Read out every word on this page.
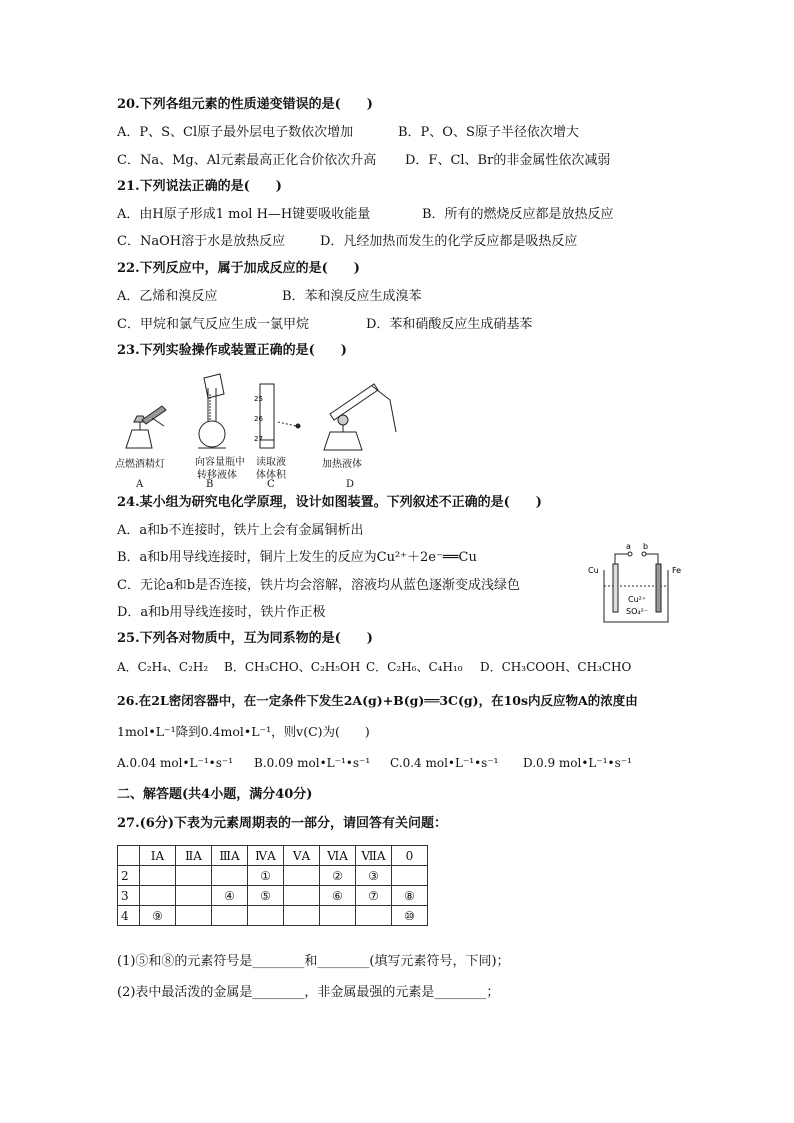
20.下列各组元素的性质递变错误的是(　　)
A．P、S、Cl原子最外层电子数依次增加	B．P、O、S原子半径依次增大
C．Na、Mg、Al元素最高正化合价依次升高 D．F、Cl、Br的非金属性依次减弱
21.下列说法正确的是(　　)
A．由H原子形成1 mol H—H键要吸收能量	B．所有的燃烧反应都是放热反应
C．NaOH溶于水是放热反应	D．凡经加热而发生的化学反应都是吸热反应
22.下列反应中，属于加成反应的是(　　)
A．乙烯和溴反应	B．苯和溴反应生成溴苯
C．甲烷和氯气反应生成一氯甲烷	D．苯和硝酸反应生成硝基苯
23.下列实验操作或装置正确的是(　　)
25
26
27
点燃酒精灯	向容量瓶中
转移液体
读取液
体体积
加热液体
A	B	C	D
24.某小组为研究电化学原理，设计如图装置。下列叙述不正确的是(　　)
A．a和b不连接时，铁片上会有金属铜析出
B．a和b用导线连接时，铜片上发生的反应为Cu²⁺＋2e⁻══Cu
C．无论a和b是否连接，铁片均会溶解，溶液均从蓝色逐渐变成浅绿色
D．a和b用导线连接时，铁片作正极
a b
Cu	Fe
Cu²⁺
SO₄²⁻
25.下列各对物质中，互为同系物的是(　　)
A．C₂H₄、C₂H₂ B．CH₃CHO、C₂H₅OH C．C₂H₆、C₄H₁₀ D．CH₃COOH、CH₃CHO
26.在2L密闭容器中，在一定条件下发生2A(g)+B(g)══3C(g)，在10s内反应物A的浓度由
1mol•L⁻¹降到0.4mol•L⁻¹，则v(C)为(　　)
A.0.04 mol•L⁻¹•s⁻¹ B.0.09 mol•L⁻¹•s⁻¹ C.0.4 mol•L⁻¹•s⁻¹ D.0.9 mol•L⁻¹•s⁻¹
二、解答题(共4小题，满分40分)
27.(6分)下表为元素周期表的一部分，请回答有关问题：
	ⅠA	ⅡA	ⅢA	ⅣA	ⅤA	ⅥA	ⅦA	0
2				①		②	③	
3			④	⑤		⑥	⑦	⑧
4	⑨							⑩
(1)⑤和⑧的元素符号是________和________(填写元素符号，下同)；
(2)表中最活泼的金属是________，非金属最强的元素是________；
